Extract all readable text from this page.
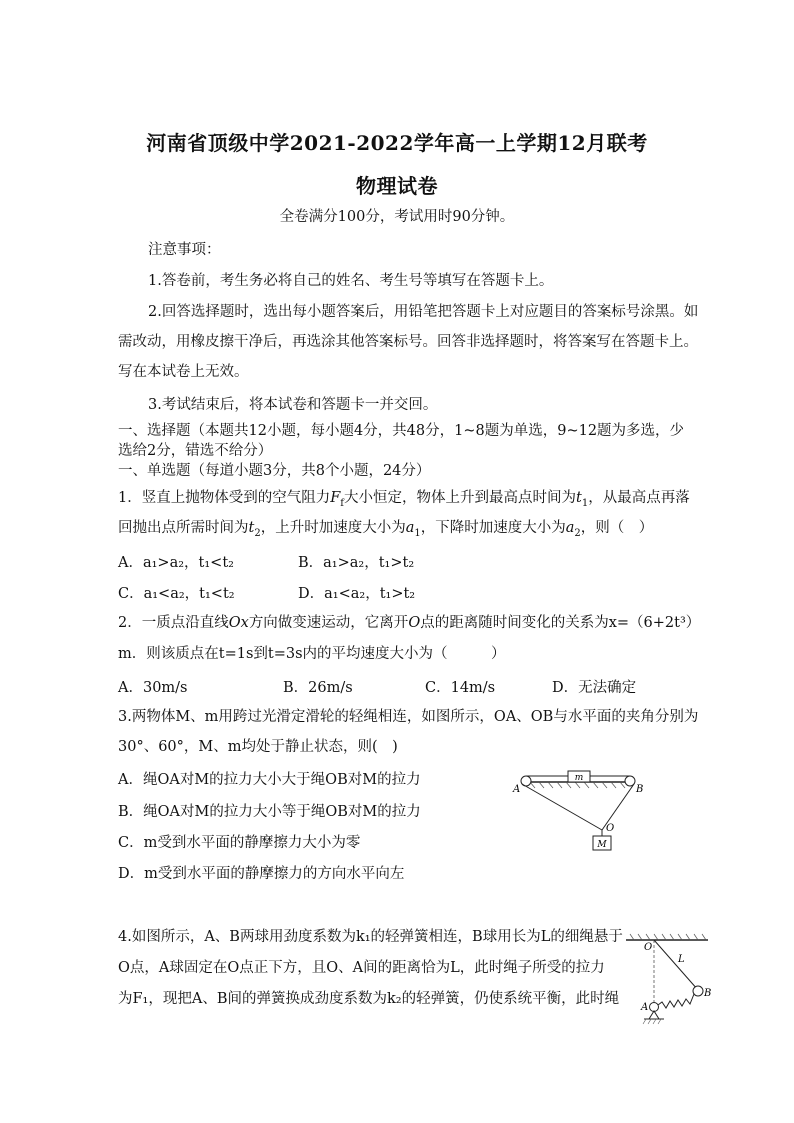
河南省顶级中学2021-2022学年高一上学期12月联考
物理试卷
全卷满分100分，考试用时90分钟。
注意事项：
1.答卷前，考生务必将自己的姓名、考生号等填写在答题卡上。
2.回答选择题时，选出每小题答案后，用铅笔把答题卡上对应题目的答案标号涂黑。如
需改动，用橡皮擦干净后，再选涂其他答案标号。回答非选择题时，将答案写在答题卡上。
写在本试卷上无效。
3.考试结束后，将本试卷和答题卡一并交回。
一、选择题（本题共12小题，每小题4分，共48分，1~8题为单选，9~12题为多选，少
选给2分，错选不给分）
一、单选题（每道小题3分，共8个小题，24分）
1．竖直上抛物体受到的空气阻力$F_f$大小恒定，物体上升到最高点时间为$t_1$，从最高点再落
回抛出点所需时间为$t_2$，上升时加速度大小为$a_1$，下降时加速度大小为$a_2$，则（　）
A．a₁>a₂，t₁<t₂	B．a₁>a₂，t₁>t₂
C．a₁<a₂，t₁<t₂	D．a₁<a₂，t₁>t₂
2．一质点沿直线Ox方向做变速运动，它离开O点的距离随时间变化的关系为x=（6+2t³）
m．则该质点在t=1s到t=3s内的平均速度大小为（　　　）
A．30m/s	B．26m/s	C．14m/s	D．无法确定
3.两物体M、m用跨过光滑定滑轮的轻绳相连，如图所示，OA、OB与水平面的夹角分别为
30°、60°，M、m均处于静止状态，则(　)
A．绳OA对M的拉力大小大于绳OB对M的拉力
B．绳OA对M的拉力大小等于绳OB对M的拉力
C．m受到水平面的静摩擦力大小为零
D．m受到水平面的静摩擦力的方向水平向左
m
M
A	B
O
4.如图所示，A、B两球用劲度系数为k₁的轻弹簧相连，B球用长为L的细绳悬于
O点，A球固定在O点正下方，且O、A间的距离恰为L，此时绳子所受的拉力
为F₁，现把A、B间的弹簧换成劲度系数为k₂的轻弹簧，仍使系统平衡，此时绳
O
L
A
B
